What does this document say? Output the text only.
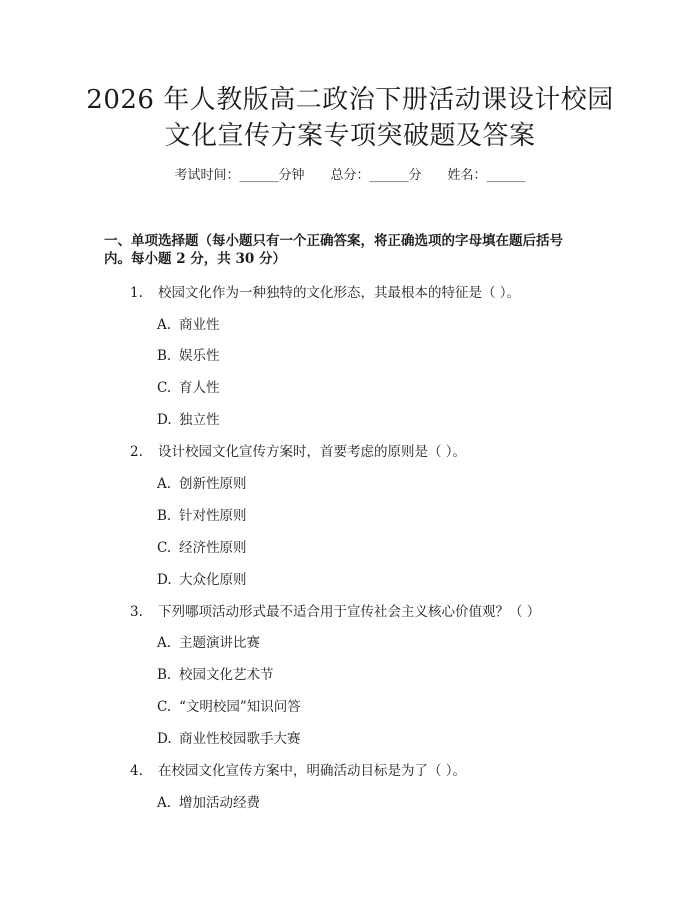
2026 年人教版高二政治下册活动课设计校园
文化宣传方案专项突破题及答案
考试时间：______分钟 总分：______分 姓名：______
一、单项选择题（每小题只有一个正确答案，将正确选项的字母填在题后括号
内。每小题 2 分，共 30 分）
1. 校园文化作为一种独特的文化形态，其最根本的特征是（ ）。
A. 商业性
B. 娱乐性
C. 育人性
D. 独立性
2. 设计校园文化宣传方案时，首要考虑的原则是（ ）。
A. 创新性原则
B. 针对性原则
C. 经济性原则
D. 大众化原则
3. 下列哪项活动形式最不适合用于宣传社会主义核心价值观？（ ）
A. 主题演讲比赛
B. 校园文化艺术节
C. “文明校园”知识问答
D. 商业性校园歌手大赛
4. 在校园文化宣传方案中，明确活动目标是为了（ ）。
A. 增加活动经费
